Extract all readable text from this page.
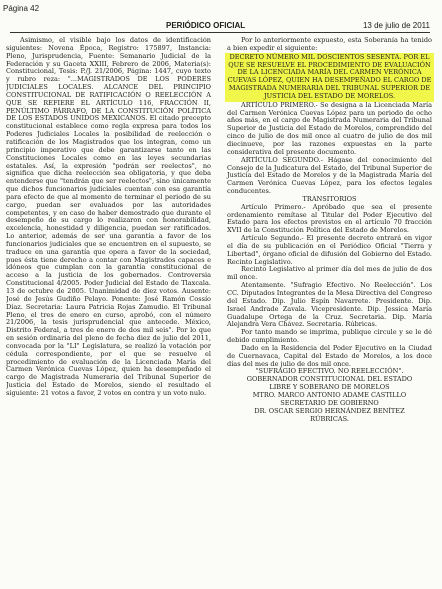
Página 42
PERIÓDICO OFICIAL	13 de julio de 2011

Asimismo, el visible bajo los datos de identificación siguientes: Novena Época, Registro: 175897, Instancia: Pleno, Jurisprudencia, Fuente: Semanario Judicial de la Federación y su Gaceta XXIII, Febrero de 2006, Materia(s): Constitucional, Tesis: P./J. 21/2006, Página: 1447, cuyo texto y rubro reza: "...MAGISTRADOS DE LOS PODERES JUDICIALES LOCALES. ALCANCE DEL PRINCIPIO CONSTITUCIONAL DE RATIFICACIÓN O REELECCIÓN A QUE SE REFIERE EL ARTÍCULO 116, FRACCIÓN II, PENÚLTIMO PÁRRAFO, DE LA CONSTITUCIÓN POLÍTICA DE LOS ESTADOS UNIDOS MEXICANOS. El citado precepto constitucional establece como regla expresa para todos los Poderes Judiciales Locales la posibilidad de reelección o ratificación de los Magistrados que los integran, como un principio imperativo que debe garantizarse tanto en las Constituciones Locales como en las leyes secundarias estatales. Así, la expresión "podrán ser reelectos", no significa que dicha reelección sea obligatoria, y que deba entenderse que "tendrán que ser reelectos", sino únicamente que dichos funcionarios judiciales cuentan con esa garantía para efecto de que al momento de terminar el periodo de su cargo, puedan ser evaluados por las autoridades competentes, y en caso de haber demostrado que durante el desempeño de su cargo lo realizaron con honorabilidad, excelencia, honestidad y diligencia, puedan ser ratificados. Lo anterior, además de ser una garantía a favor de los funcionarios judiciales que se encuentren en el supuesto, se traduce en una garantía que opera a favor de la sociedad, pues ésta tiene derecho a contar con Magistrados capaces e idóneos que cumplan con la garantía constitucional de acceso a la justicia de los gobernados. Controversia Constitucional 4/2005. Poder Judicial del Estado de Tlaxcala. 13 de octubre de 2005. Unanimidad de diez votos. Ausente: José de Jesús Gudiño Pelayo. Ponente: José Ramón Cossío Díaz. Secretaria: Laura Patricia Rojas Zamudio. El Tribunal Pleno, el tres de enero en curso, aprobó, con el número 21/2006, la tesis jurisprudencial que antecede. México, Distrito Federal, a tres de enero de dos mil seis". Por lo que en sesión ordinaria del pleno de fecha diez de julio del 2011, convocada por la "LI" Legislatura, se realizó la votación por cédula correspondiente, por el que se resuelve el procedimiento de evaluación de la Licenciada María del Carmen Verónica Cuevas López, quien ha desempeñado el cargo de Magistrada Numeraria del Tribunal Superior de Justicia del Estado de Morelos, siendo el resultado el siguiente: 21 votos a favor, 2 votos en contra y un voto nulo.

Por lo anteriormente expuesto, esta Soberanía ha tenido a bien expedir el siguiente:

DECRETO NÚMERO MIL DOSCIENTOS SESENTA. POR EL QUE SE RESUELVE EL PROCEDIMIENTO DE EVALUACIÓN DE LA LICENCIADA MARÍA DEL CARMEN VERÓNICA CUEVAS LÓPEZ, QUIEN HA DESEMPEÑADO EL CARGO DE MAGISTRADA NUMERARIA DEL TRIBUNAL SUPERIOR DE JUSTICIA DEL ESTADO DE MORELOS.

ARTÍCULO PRIMERO.- Se designa a la Licenciada María del Carmen Verónica Cuevas López para un periodo de ocho años más, en el cargo de Magistrada Numeraria del Tribunal Superior de Justicia del Estado de Morelos, comprendido del cinco de julio de dos mil once al cuatro de julio de dos mil diecinueve, por las razones expuestas en la parte considerativa del presente documento.

ARTÍCULO SEGUNDO.- Hágase del conocimiento del Consejo de la Judicatura del Estado, del Tribunal Superior de Justicia del Estado de Morelos y de la Magistrada María del Carmen Verónica Cuevas López, para los efectos legales conducentes.

TRANSITORIOS

Artículo Primero.- Apróbado que sea el presente ordenamiento remítase al Titular del Poder Ejecutivo del Estado para los efectos previstos en el artículo 70 fracción XVII de la Constitución Política del Estado de Morelos.

Artículo Segundo.- El presente decreto entrará en vigor el día de su publicación en el Periódico Oficial "Tierra y Libertad", órgano oficial de difusión del Gobierno del Estado. Recinto Legislativo.

Recinto Legislativo al primer día del mes de julio de dos mil once.

Atentamente. "Sufragio Efectivo. No Reelección". Los CC. Diputados Integrantes de la Mesa Directiva del Congreso del Estado. Dip. Julio Espín Navarrete. Presidente. Dip. Israel Andrade Zavala. Vicepresidente. Dip. Jessica María Guadalupe Ortega de la Cruz. Secretaria. Dip. María Alejandra Vera Chávez. Secretaria. Rúbricas.

Por tanto mando se imprima, publique circule y se le dé debido cumplimiento.

Dado en la Residencia del Poder Ejecutivo en la Ciudad de Cuernavaca, Capital del Estado de Morelos, a los doce días del mes de julio de dos mil once.

"SUFRAGIO EFECTIVO. NO REELECCIÓN".

GOBERNADOR CONSTITUCIONAL DEL ESTADO

LIBRE Y SOBERANO DE MORELOS

MTRO. MARCO ANTONIO ADAME CASTILLO

SECRETARIO DE GOBIERNO

DR. OSCAR SERGIO HERNÁNDEZ BENÍTEZ

RÚBRICAS.
